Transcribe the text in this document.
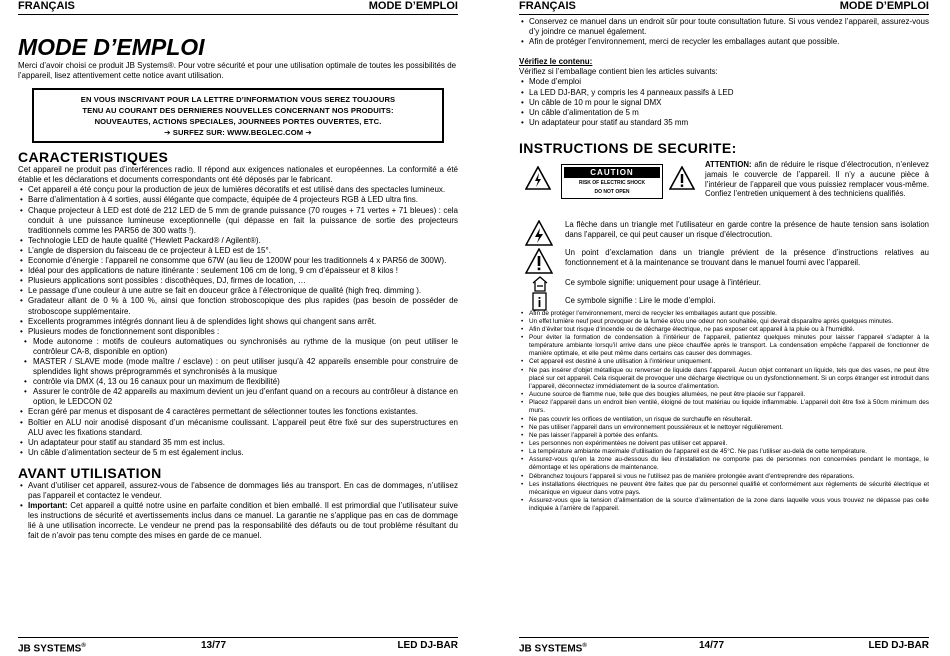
FRANÇAIS	MODE D’EMPLOI
MODE D’EMPLOI

Merci d’avoir choisi ce produit JB Systems®. Pour votre sécurité et pour une utilisation optimale de toutes les possibilités de l’appareil, lisez attentivement cette notice avant utilisation.

EN VOUS INSCRIVANT POUR LA LETTRE D’INFORMATION VOUS SEREZ TOUJOURS
TENU AU COURANT DES DERNIERES NOUVELLES CONCERNANT NOS PRODUITS:
NOUVEAUTES, ACTIONS SPECIALES, JOURNEES PORTES OUVERTES, ETC.
➔ SURFEZ SUR: WWW.BEGLEC.COM ➔
CARACTERISTIQUES

Cet appareil ne produit pas d’interférences radio. Il répond aux exigences nationales et européennes. La conformité a été établie et les déclarations et documents correspondants ont été déposés par le fabricant.

• Cet appareil a été conçu pour la production de jeux de lumières décoratifs et est utilisé dans des spectacles lumineux.
• Barre d’alimentation à 4 sorties, aussi élégante que compacte, équipée de 4 projecteurs RGB à LED ultra fins.
• Chaque projecteur à LED est doté de 212 LED de 5 mm de grande puissance (70 rouges + 71 vertes + 71 bleues) : cela conduit à une puissance lumineuse exceptionnelle (qui dépasse en fait la puissance de sortie des projecteurs traditionnels comme les PAR56 de 300 watts !).
• Technologie LED de haute qualité (“Hewlett Packard® / Agilent®).
• L’angle de dispersion du faisceau de ce projecteur à LED est de 15°.
• Economie d’énergie : l’appareil ne consomme que 67W (au lieu de 1200W pour les traditionnels 4 x PAR56 de 300W).
• Idéal pour des applications de nature itinérante : seulement 106 cm de long, 9 cm d’épaisseur et 8 kilos !
• Plusieurs applications sont possibles : discothèques, DJ, firmes de location, …
• Le passage d’une couleur à une autre se fait en douceur grâce à l’électronique de qualité (high freq. dimming ).
• Gradateur allant de 0 % à 100 %, ainsi que fonction stroboscopique des plus rapides (pas besoin de posséder de stroboscope supplémentaire.
• Excellents programmes intégrés donnant lieu à de splendides light shows qui changent sans arrêt.
• Plusieurs modes de fonctionnement sont disponibles :
• Mode autonome : motifs de couleurs automatiques ou synchronisés au rythme de la musique (on peut utiliser le contrôleur CA-8, disponible en option)
• MASTER / SLAVE mode (mode maître / esclave) : on peut utiliser jusqu’à 42 appareils ensemble pour construire de splendides light shows préprogrammés et synchronisés à la musique
• contrôle via DMX (4, 13 ou 16 canaux pour un maximum de flexibilité)
• Assurer le contrôle de 42 appareils au maximum devient un jeu d’enfant quand on a recours au contrôleur à distance en option, le LEDCON 02
• Ecran géré par menus et disposant de 4 caractères permettant de sélectionner toutes les fonctions existantes.
• Boîtier en ALU noir anodisé disposant d’un mécanisme coulissant. L’appareil peut être fixé sur des superstructures en ALU avec les fixations standard.
• Un adaptateur pour statif au standard 35 mm est inclus.
• Un câble d’alimentation secteur de 5 m est également inclus.
AVANT UTILISATION
• Avant d’utiliser cet appareil, assurez-vous de l’absence de dommages liés au transport. En cas de dommages, n’utilisez pas l’appareil et contactez le vendeur.
• Important: Cet appareil a quitté notre usine en parfaite condition et bien emballé. Il est primordial que l’utilisateur suive les instructions de sécurité et avertissements inclus dans ce manuel. La garantie ne s’applique pas en cas de dommage lié à une utilisation incorrecte. Le vendeur ne prend pas la responsabilité des défauts ou de tout problème résultant du fait de n’avoir pas tenu compte des mises en garde de ce manuel.
JB SYSTEMS®	13/77	LED DJ-BAR
FRANÇAIS	MODE D’EMPLOI
• Conservez ce manuel dans un endroit sûr pour toute consultation future. Si vous vendez l’appareil, assurez-vous d’y joindre ce manuel également.
• Afin de protéger l’environnement, merci de recycler les emballages autant que possible.

Vérifiez le contenu:

Vérifiez si l’emballage contient bien les articles suivants:

• Mode d’emploi
• La LED DJ-BAR, y compris les 4 panneaux passifs à LED
• Un câble de 10 m pour le signal DMX
• Un câble d’alimentation de 5 m
• Un adaptateur pour statif au standard 35 mm
INSTRUCTIONS DE SECURITE:
CAUTION
RISK OF ELECTRIC SHOCK
DO NOT OPEN
ATTENTION: afin de réduire le risque d’électrocution, n’enlevez jamais le couvercle de l’appareil. Il n’y a aucune pièce à l’intérieur de l’appareil que vous puissiez remplacer vous-même. Confiez l’entretien uniquement à des techniciens qualifiés.

La flèche dans un triangle met l’utilisateur en garde contre la présence de haute tension sans isolation dans l’appareil, ce qui peut causer un risque d’électrocution.

Un point d’exclamation dans un triangle prévient de la présence d’instructions relatives au fonctionnement et à la maintenance se trouvant dans le manuel fourni avec l’appareil.

Ce symbole signifie: uniquement pour usage à l’intérieur.

Ce symbole signifie : Lire le mode d’emploi.

• Afin de protéger l’environnement, merci de recycler les emballages autant que possible.
• Un effet lumière neuf peut provoquer de la fumée et/ou une odeur non souhaitée, qui devrait disparaître après quelques minutes.
• Afin d’éviter tout risque d’incendie ou de décharge électrique, ne pas exposer cet appareil à la pluie ou à l’humidité.
• Pour éviter la formation de condensation à l’intérieur de l’appareil, patientez quelques minutes pour laisser l’appareil s’adapter à la température ambiante lorsqu’il arrive dans une pièce chauffée après le transport. La condensation empêche l’appareil de fonctionner de manière optimale, et elle peut même dans certains cas causer des dommages.
• Cet appareil est destiné à une utilisation à l’intérieur uniquement.
• Ne pas insérer d’objet métallique ou renverser de liquide dans l’appareil. Aucun objet contenant un liquide, tels que des vases, ne peut être placé sur cet appareil. Cela risquerait de provoquer une décharge électrique ou un dysfonctionnement. Si un corps étranger est introduit dans l’appareil, déconnectez immédiatement de la source d’alimentation.
• Aucune source de flamme nue, telle que des bougies allumées, ne peut être placée sur l’appareil.
• Placez l’appareil dans un endroit bien ventilé, éloigné de tout matériau ou liquide inflammable. L’appareil doit être fixé à 50cm minimum des murs.
• Ne pas couvrir les orifices de ventilation, un risque de surchauffe en résulterait.
• Ne pas utiliser l’appareil dans un environnement poussiéreux et le nettoyer régulièrement.
• Ne pas laisser l’appareil à portée des enfants.
• Les personnes non expérimentées ne doivent pas utiliser cet appareil.
• La température ambiante maximale d’utilisation de l’appareil est de 45°C. Ne pas l’utiliser au-delà de cette température.
• Assurez-vous qu’en la zone au-dessous du lieu d’installation ne comporte pas de personnes non concernées pendant le montage, le démontage et les opérations de maintenance.
• Débranchez toujours l’appareil si vous ne l’utilisez pas de manière prolongée avant d’entreprendre des réparations.
• Les installations électriques ne peuvent être faites que par du personnel qualifié et conformément aux règlements de sécurité électrique et mécanique en vigueur dans votre pays.
• Assurez-vous que la tension d’alimentation de la source d’alimentation de la zone dans laquelle vous vous trouvez ne dépasse pas celle indiquée à l’arrière de l’appareil.
JB SYSTEMS®	14/77	LED DJ-BAR
